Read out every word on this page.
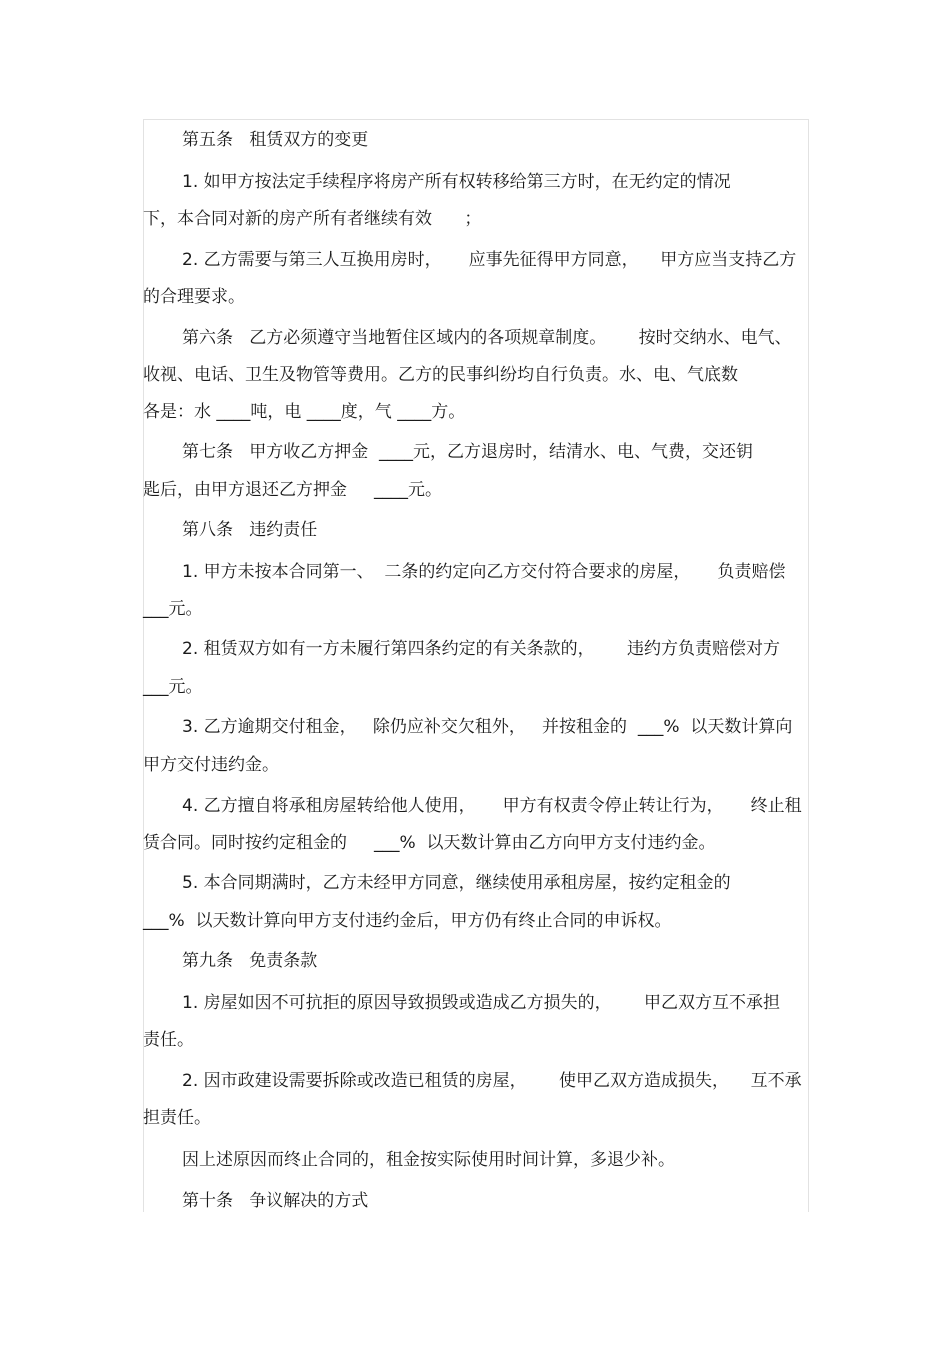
第五条   租赁双方的变更
1. 如甲方按法定手续程序将房产所有权转移给第三方时，在无约定的情况
下，本合同对新的房产所有者继续有效      ；
2. 乙方需要与第三人互换用房时，     应事先征得甲方同意，    甲方应当支持乙方
的合理要求。
第六条   乙方必须遵守当地暂住区域内的各项规章制度。      按时交纳水、电气、
收视、电话、卫生及物管等费用。乙方的民事纠纷均自行负责。水、电、气底数
各是：水 ____吨，电 ____度，气 ____方。
第七条   甲方收乙方押金  ____元，乙方退房时，结清水、电、气费，交还钥
匙后，由甲方退还乙方押金     ____元。
第八条   违约责任
1. 甲方未按本合同第一、  二条的约定向乙方交付符合要求的房屋，     负责赔偿
___元。
2. 租赁双方如有一方未履行第四条约定的有关条款的，      违约方负责赔偿对方
___元。
3. 乙方逾期交付租金，   除仍应补交欠租外，   并按租金的  ___%  以天数计算向
甲方交付违约金。
4. 乙方擅自将承租房屋转给他人使用，     甲方有权责令停止转让行为，     终止租
赁合同。同时按约定租金的     ___%  以天数计算由乙方向甲方支付违约金。
5. 本合同期满时，乙方未经甲方同意，继续使用承租房屋，按约定租金的
___%  以天数计算向甲方支付违约金后，甲方仍有终止合同的申诉权。
第九条   免责条款
1. 房屋如因不可抗拒的原因导致损毁或造成乙方损失的，      甲乙双方互不承担
责任。
2. 因市政建设需要拆除或改造已租赁的房屋，      使甲乙双方造成损失，    互不承
担责任。
因上述原因而终止合同的，租金按实际使用时间计算，多退少补。
第十条   争议解决的方式
